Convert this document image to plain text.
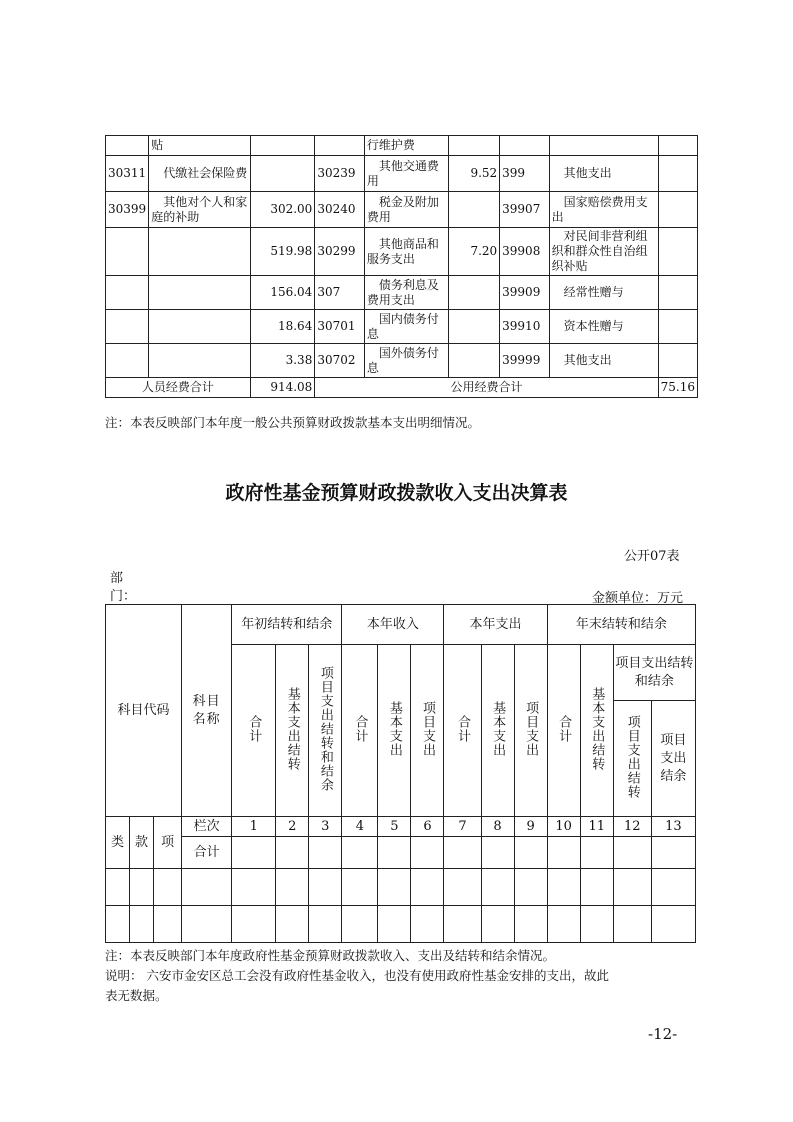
	贴			行维护费				
30311	代缴社会保险费		30239	其他交通费用	9.52	399	其他支出	
30399	其他对个人和家庭的补助	302.00	30240	税金及附加费用		39907	国家赔偿费用支出	
		519.98	30299	其他商品和服务支出	7.20	39908	对民间非营利组织和群众性自治组织补贴	
		156.04	307	债务利息及费用支出		39909	经常性赠与	
		18.64	30701	国内债务付息		39910	资本性赠与	
		3.38	30702	国外债务付息		39999	其他支出	
人员经费合计		914.08	公用经费合计					75.16
注：本表反映部门本年度一般公共预算财政拨款基本支出明细情况。
政府性基金预算财政拨款收入支出决算表
公开07表
部门：	金额单位：万元
科目代码			科目名称	年初结转和结余			本年收入			本年支出			年末结转和结余			
				合计	基本支出结转	项目支出结转和结余	合计	基本支出	项目支出	合计	基本支出	项目支出	合计	基本支出结转	项目支出结转和结余	
															项目支出结转	项目支出结余
类	款	项	栏次	1	2	3	4	5	6	7	8	9	10	11	12	13
			合计													

注：本表反映部门本年度政府性基金预算财政拨款收入、支出及结转和结余情况。
说明： 六安市金安区总工会没有政府性基金收入，也没有使用政府性基金安排的支出，故此
表无数据。
-12-
